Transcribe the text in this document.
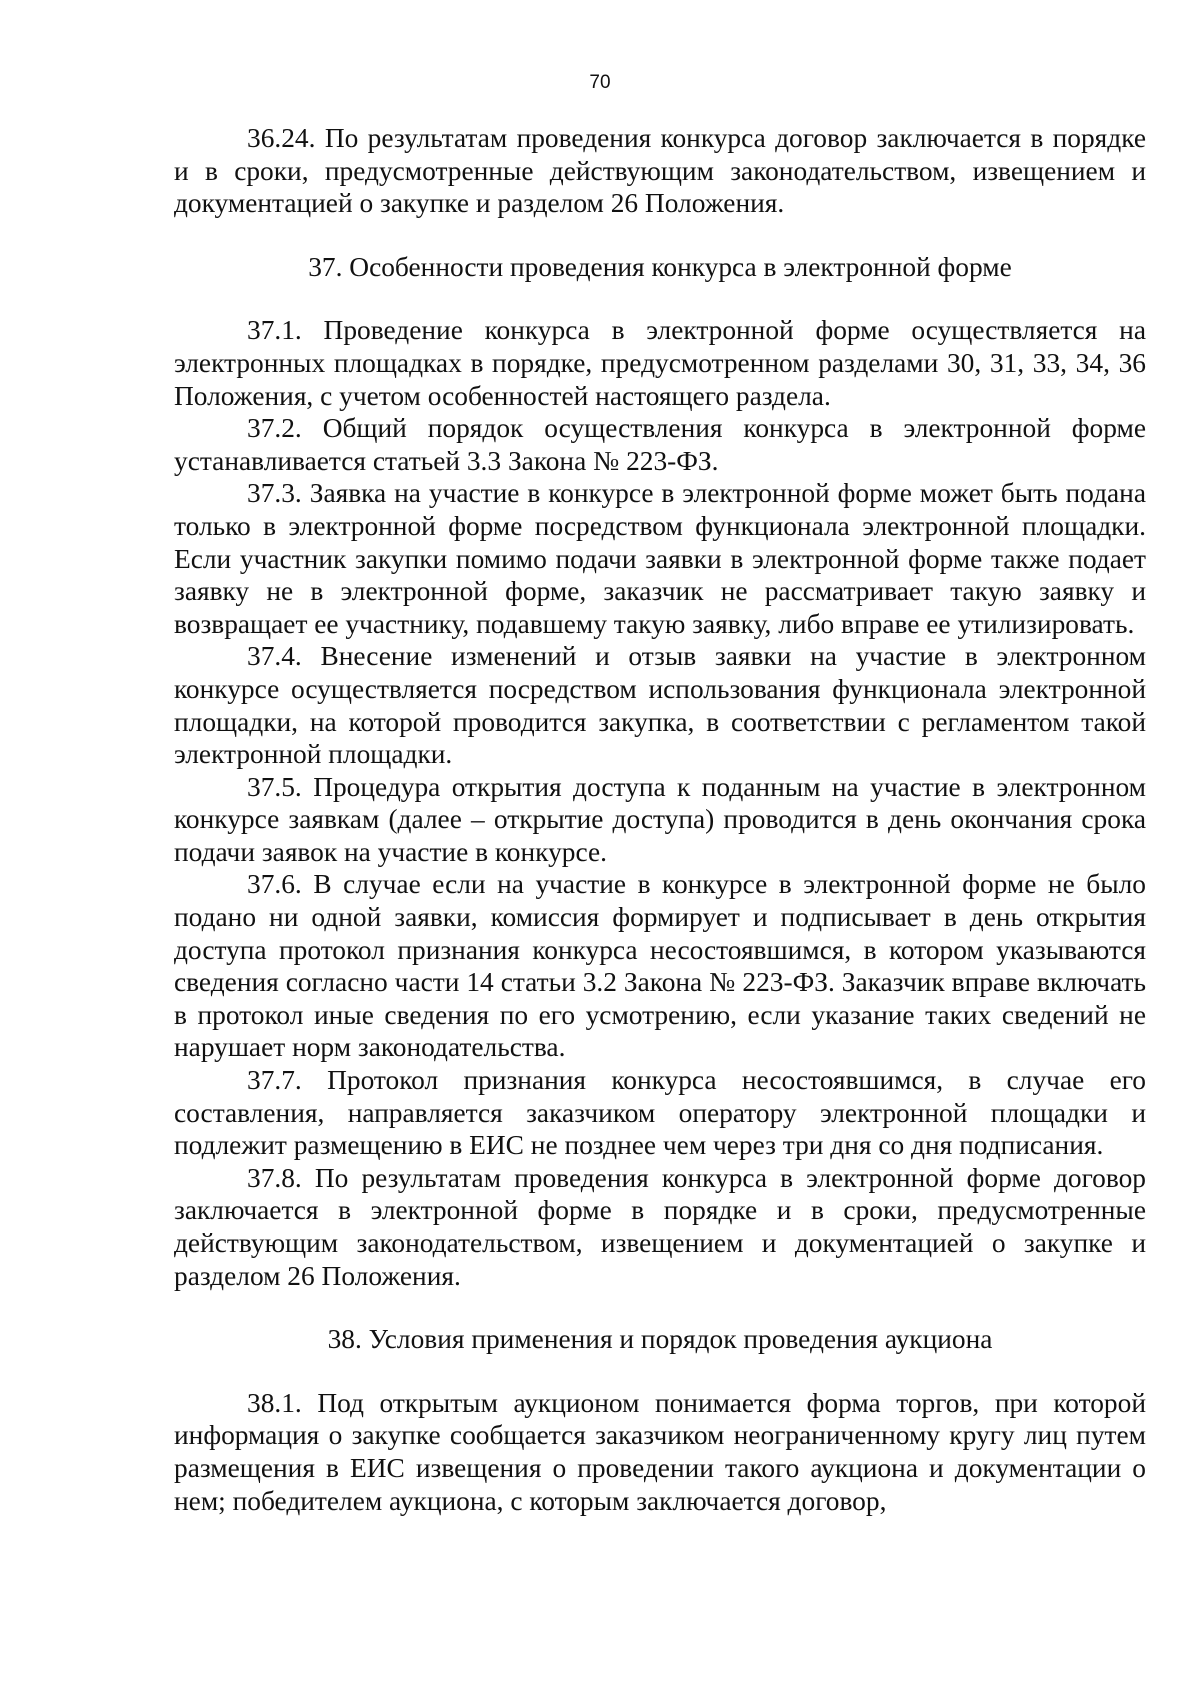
70

36.24. По результатам проведения конкурса договор заключается в порядке и в сроки, предусмотренные действующим законодательством, извещением и документацией о закупке и разделом 26 Положения.

37. Особенности проведения конкурса в электронной форме

37.1. Проведение конкурса в электронной форме осуществляется на электронных площадках в порядке, предусмотренном разделами 30, 31, 33, 34, 36 Положения, с учетом особенностей настоящего раздела.

37.2. Общий порядок осуществления конкурса в электронной форме устанавливается статьей 3.3 Закона № 223-ФЗ.

37.3. Заявка на участие в конкурсе в электронной форме может быть подана только в электронной форме посредством функционала электронной площадки. Если участник закупки помимо подачи заявки в электронной форме также подает заявку не в электронной форме, заказчик не рассматривает такую заявку и возвращает ее участнику, подавшему такую заявку, либо вправе ее утилизировать.

37.4. Внесение изменений и отзыв заявки на участие в электронном конкурсе осуществляется посредством использования функционала электронной площадки, на которой проводится закупка, в соответствии с регламентом такой электронной площадки.

37.5. Процедура открытия доступа к поданным на участие в электронном конкурсе заявкам (далее – открытие доступа) проводится в день окончания срока подачи заявок на участие в конкурсе.

37.6. В случае если на участие в конкурсе в электронной форме не было подано ни одной заявки, комиссия формирует и подписывает в день открытия доступа протокол признания конкурса несостоявшимся, в котором указываются сведения согласно части 14 статьи 3.2 Закона № 223-ФЗ. Заказчик вправе включать в протокол иные сведения по его усмотрению, если указание таких сведений не нарушает норм законодательства.

37.7. Протокол признания конкурса несостоявшимся, в случае его составления, направляется заказчиком оператору электронной площадки и подлежит размещению в ЕИС не позднее чем через три дня со дня подписания.

37.8. По результатам проведения конкурса в электронной форме договор заключается в электронной форме в порядке и в сроки, предусмотренные действующим законодательством, извещением и документацией о закупке и разделом 26 Положения.

38. Условия применения и порядок проведения аукциона

38.1. Под открытым аукционом понимается форма торгов, при которой информация о закупке сообщается заказчиком неограниченному кругу лиц путем размещения в ЕИС извещения о проведении такого аукциона и документации о нем; победителем аукциона, с которым заключается договор,
